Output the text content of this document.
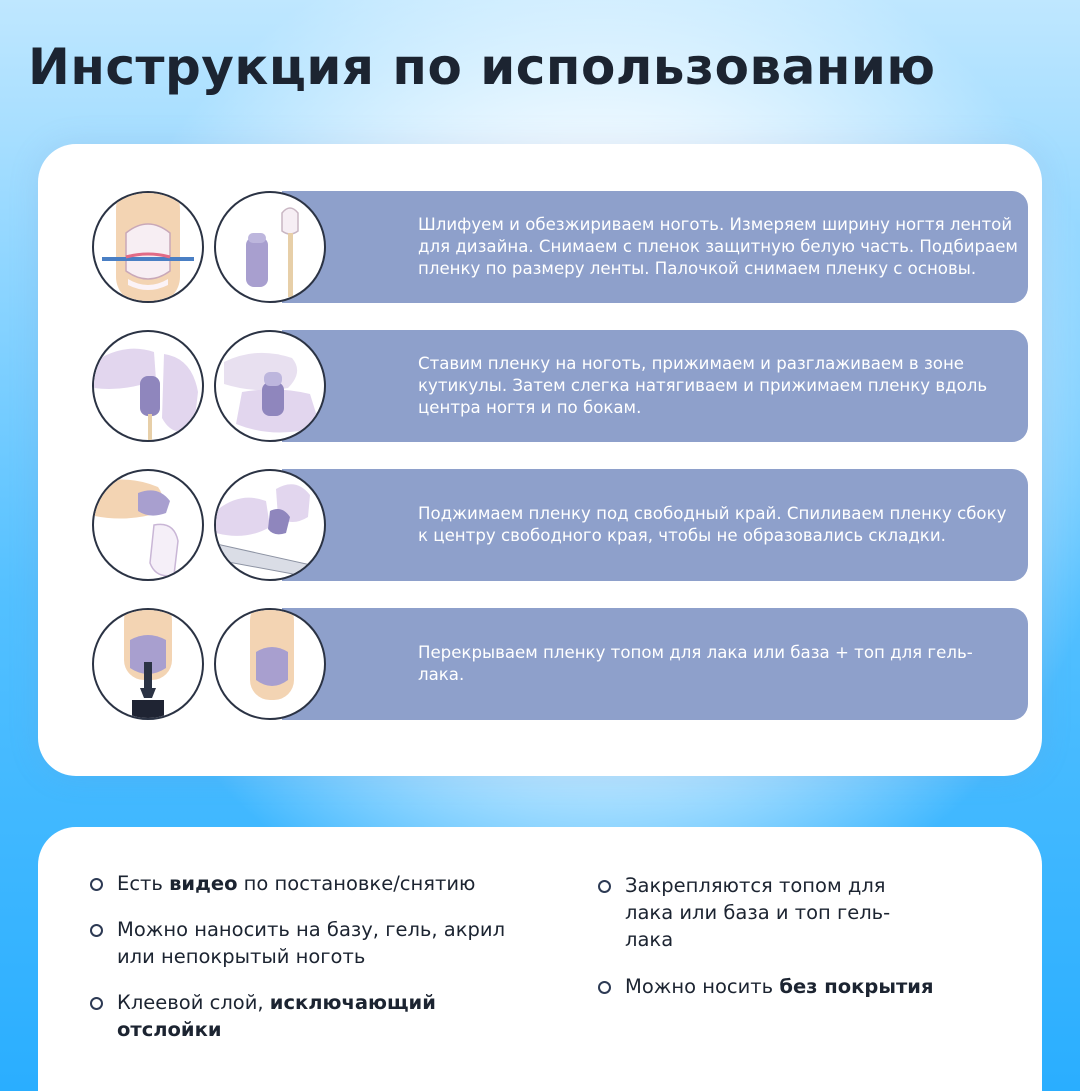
Инструкция по использованию

Шлифуем и обезжириваем ноготь. Измеряем ширину ногтя лентой для дизайна. Снимаем с пленок защитную белую часть. Подбираем пленку по размеру ленты. Палочкой снимаем пленку с основы.

Ставим пленку на ноготь, прижимаем и разглаживаем в зоне кутикулы. Затем слегка натягиваем и прижимаем пленку вдоль центра ногтя и по бокам.

Поджимаем пленку под свободный край. Спиливаем пленку сбоку к центру свободного края, чтобы не образовались складки.

Перекрываем пленку топом для лака или база + топ для гель-лака.

Есть видео по постановке/снятию

Можно наносить на базу, гель, акрил или непокрытый ноготь

Клеевой слой, исключающий отслойки

Закрепляются топом для лака или база и топ гель-лака

Можно носить без покрытия
